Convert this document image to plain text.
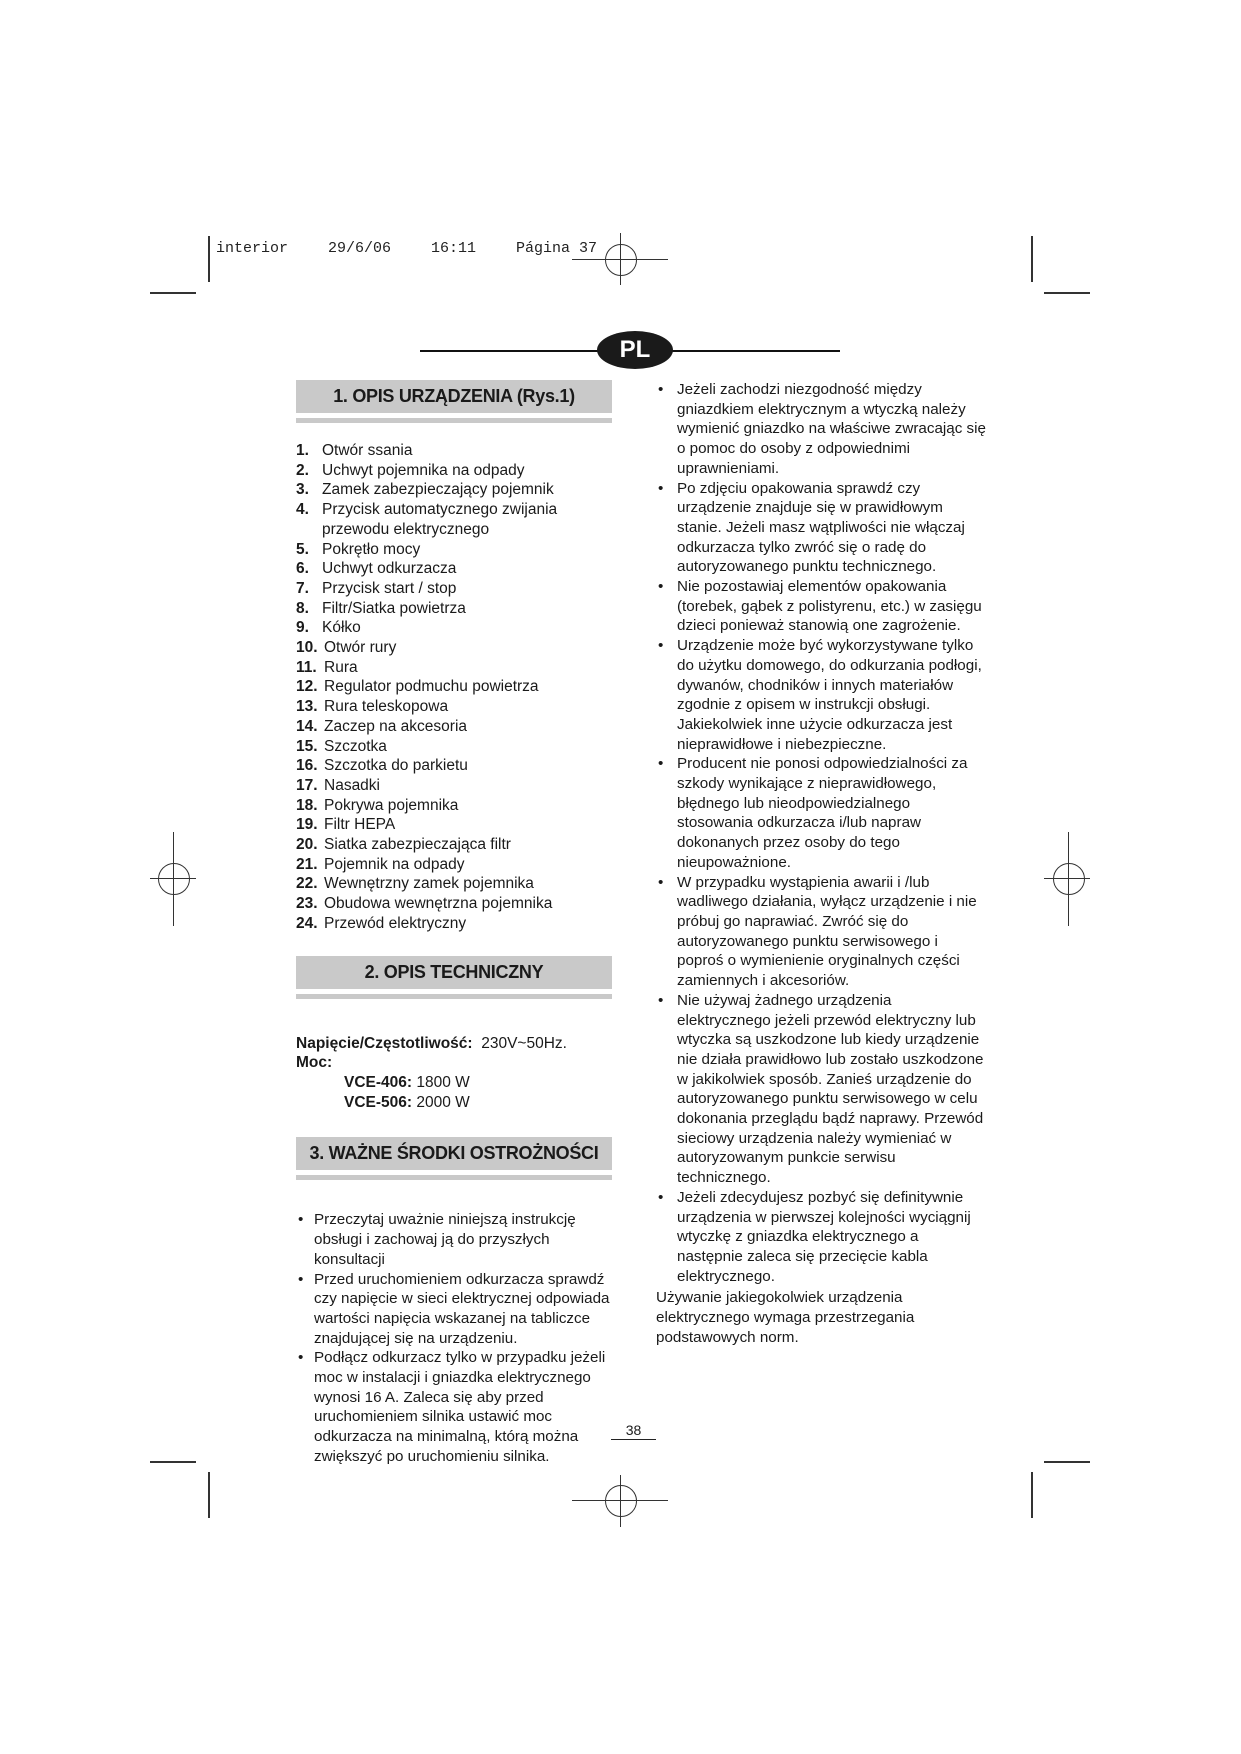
interior	29/6/06	16:11	Página 37
PL
1. OPIS URZĄDZENIA (Rys.1)
1. Otwór ssania
2. Uchwyt pojemnika na odpady
3. Zamek zabezpieczający pojemnik
4. Przycisk automatycznego zwijania przewodu elektrycznego
5. Pokrętło mocy
6. Uchwyt odkurzacza
7. Przycisk start / stop
8. Filtr/Siatka powietrza
9. Kółko
10. Otwór rury
11. Rura
12. Regulator podmuchu powietrza
13. Rura teleskopowa
14. Zaczep na akcesoria
15. Szczotka
16. Szczotka do parkietu
17. Nasadki
18. Pokrywa pojemnika
19. Filtr HEPA
20. Siatka zabezpieczająca filtr
21. Pojemnik na odpady
22. Wewnętrzny zamek pojemnika
23. Obudowa wewnętrzna pojemnika
24. Przewód elektryczny
2. OPIS TECHNICZNY
Napięcie/Częstotliwość: 230V~50Hz.
Moc:
VCE-406: 1800 W
VCE-506: 2000 W
3. WAŻNE ŚRODKI OSTROŻNOŚCI
• Przeczytaj uważnie niniejszą instrukcję obsługi i zachowaj ją do przyszłych konsultacji
• Przed uruchomieniem odkurzacza sprawdź czy napięcie w sieci elektrycznej odpowiada wartości napięcia wskazanej na tabliczce znajdującej się na urządzeniu.
• Podłącz odkurzacz tylko w przypadku jeżeli moc w instalacji i gniazdka elektrycznego wynosi 16 A. Zaleca się aby przed uruchomieniem silnika ustawić moc odkurzacza na minimalną, którą można zwiększyć po uruchomieniu silnika.
• Jeżeli zachodzi niezgodność między gniazdkiem elektrycznym a wtyczką należy wymienić gniazdko na właściwe zwracając się o pomoc do osoby z odpowiednimi uprawnieniami.
• Po zdjęciu opakowania sprawdź czy urządzenie znajduje się w prawidłowym stanie. Jeżeli masz wątpliwości nie włączaj odkurzacza tylko zwróć się o radę do autoryzowanego punktu technicznego.
• Nie pozostawiaj elementów opakowania (torebek, gąbek z polistyrenu, etc.) w zasięgu dzieci ponieważ stanowią one zagrożenie.
• Urządzenie może być wykorzystywane tylko do użytku domowego, do odkurzania podłogi, dywanów, chodników i innych materiałów zgodnie z opisem w instrukcji obsługi. Jakiekolwiek inne użycie odkurzacza jest nieprawidłowe i niebezpieczne.
• Producent nie ponosi odpowiedzialności za szkody wynikające z nieprawidłowego, błędnego lub nieodpowiedzialnego stosowania odkurzacza i/lub napraw dokonanych przez osoby do tego nieupoważnione.
• W przypadku wystąpienia awarii i /lub wadliwego działania, wyłącz urządzenie i nie próbuj go naprawiać. Zwróć się do autoryzowanego punktu serwisowego i poproś o wymienienie oryginalnych części zamiennych i akcesoriów.
• Nie używaj żadnego urządzenia elektrycznego jeżeli przewód elektryczny lub wtyczka są uszkodzone lub kiedy urządzenie nie działa prawidłowo lub zostało uszkodzone w jakikolwiek sposób. Zanieś urządzenie do autoryzowanego punktu serwisowego w celu dokonania przeglądu bądź naprawy. Przewód sieciowy urządzenia należy wymieniać w autoryzowanym punkcie serwisu technicznego.
• Jeżeli zdecydujesz pozbyć się definitywnie urządzenia w pierwszej kolejności wyciągnij wtyczkę z gniazdka elektrycznego a następnie zaleca się przecięcie kabla elektrycznego.
Używanie jakiegokolwiek urządzenia elektrycznego wymaga przestrzegania podstawowych norm.
38
